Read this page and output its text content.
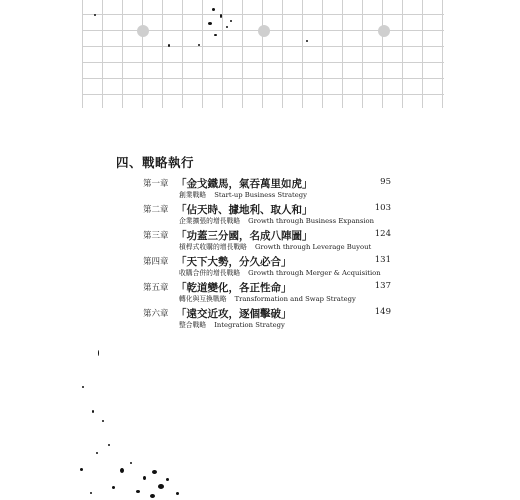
四、戰略執行
第一章 「金戈鐵馬，氣吞萬里如虎」
創業戰略 Start-up Business Strategy
95
第二章 「佔天時、據地利、取人和」
企業擴張的增長戰略 Growth through Business Expansion
103
第三章 「功蓋三分國，名成八陣圖」
槓桿式收購的增長戰略 Growth through Leverage Buyout
124
第四章 「天下大勢，分久必合」
收購合併的增長戰略 Growth through Merger & Acquisition
131
第五章 「乾道變化，各正性命」
轉化與互換戰略 Transformation and Swap Strategy
137
第六章 「遠交近攻，逐個擊破」
整合戰略 Integration Strategy
149
